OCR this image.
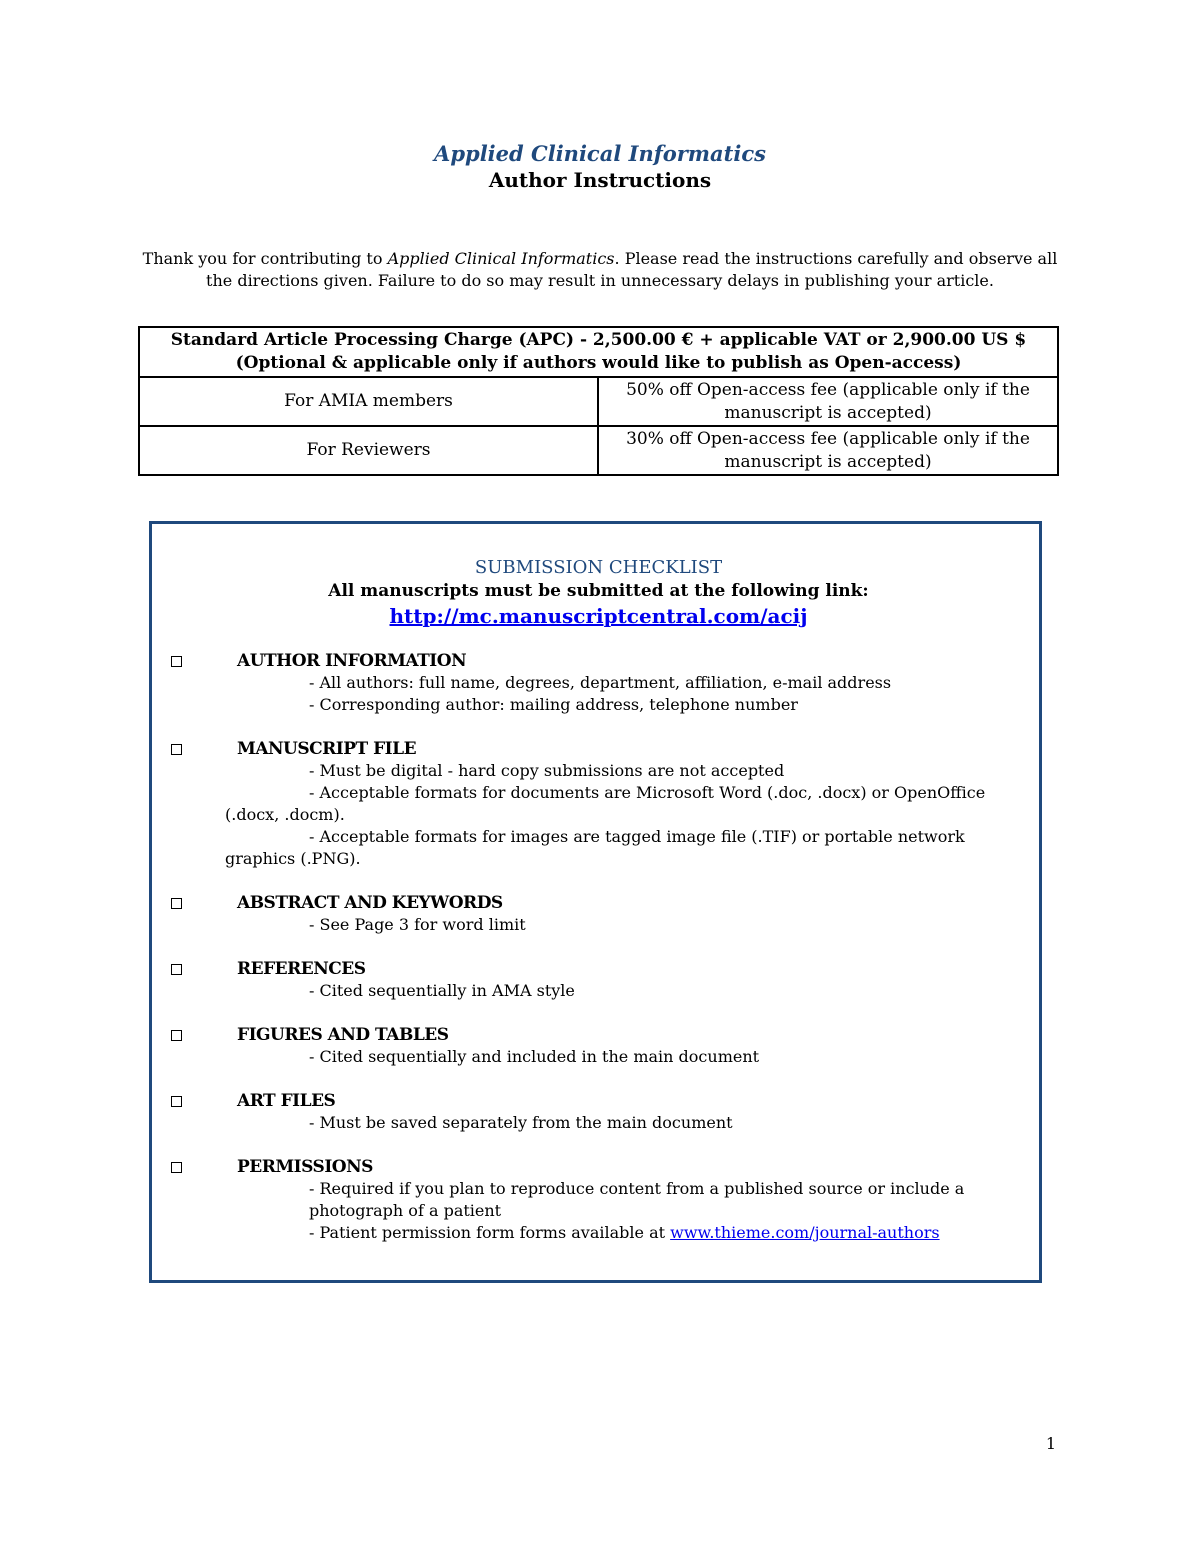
Applied Clinical Informatics
Author Instructions

Thank you for contributing to Applied Clinical Informatics. Please read the instructions carefully and observe all the directions given. Failure to do so may result in unnecessary delays in publishing your article.

Standard Article Processing Charge (APC) - 2,500.00 € + applicable VAT or 2,900.00 US $
(Optional & applicable only if authors would like to publish as Open-access)	

For AMIA members	50% off Open-access fee (applicable only if the manuscript is accepted)
For Reviewers	30% off Open-access fee (applicable only if the manuscript is accepted)

SUBMISSION CHECKLIST

All manuscripts must be submitted at the following link:

http://mc.manuscriptcentral.com/acij

AUTHOR INFORMATION

- All authors: full name, degrees, department, affiliation, e-mail address

- Corresponding author: mailing address, telephone number

MANUSCRIPT FILE

- Must be digital - hard copy submissions are not accepted

- Acceptable formats for documents are Microsoft Word (.doc, .docx) or OpenOffice (.docx, .docm).

- Acceptable formats for images are tagged image file (.TIF) or portable network graphics (.PNG).

ABSTRACT AND KEYWORDS

- See Page 3 for word limit

REFERENCES

- Cited sequentially in AMA style

FIGURES AND TABLES

- Cited sequentially and included in the main document

ART FILES

- Must be saved separately from the main document

PERMISSIONS

- Required if you plan to reproduce content from a published source or include a photograph of a patient

- Patient permission form forms available at www.thieme.com/journal-authors

1
